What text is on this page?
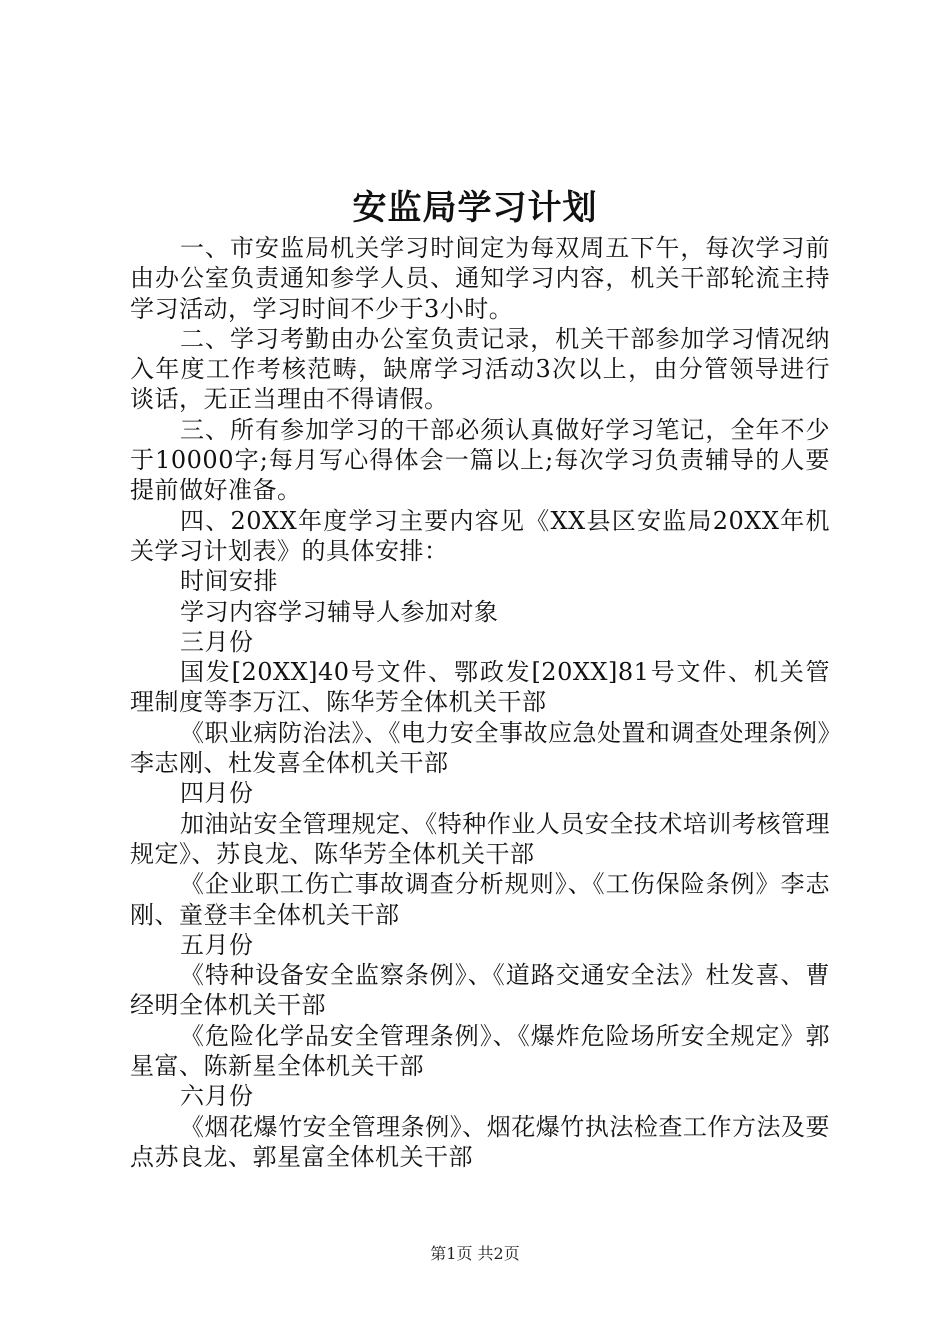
安监局学习计划

一、市安监局机关学习时间定为每双周五下午，每次学习前由办公室负责通知参学人员、通知学习内容，机关干部轮流主持学习活动，学习时间不少于3小时。

二、学习考勤由办公室负责记录，机关干部参加学习情况纳入年度工作考核范畴，缺席学习活动3次以上，由分管领导进行谈话，无正当理由不得请假。

三、所有参加学习的干部必须认真做好学习笔记，全年不少于10000字;每月写心得体会一篇以上;每次学习负责辅导的人要提前做好准备。

四、20XX年度学习主要内容见《XX县区安监局20XX年机关学习计划表》的具体安排：

时间安排

学习内容学习辅导人参加对象

三月份

国发[20XX]40号文件、鄂政发[20XX]81号文件、机关管理制度等李万江、陈华芳全体机关干部

《职业病防治法》、《电力安全事故应急处置和调查处理条例》李志刚、杜发喜全体机关干部

四月份

加油站安全管理规定、《特种作业人员安全技术培训考核管理规定》、苏良龙、陈华芳全体机关干部

《企业职工伤亡事故调查分析规则》、《工伤保险条例》李志刚、童登丰全体机关干部

五月份

《特种设备安全监察条例》、《道路交通安全法》杜发喜、曹经明全体机关干部

《危险化学品安全管理条例》、《爆炸危险场所安全规定》郭星富、陈新星全体机关干部

六月份

《烟花爆竹安全管理条例》、烟花爆竹执法检查工作方法及要点苏良龙、郭星富全体机关干部

第1页 共2页
